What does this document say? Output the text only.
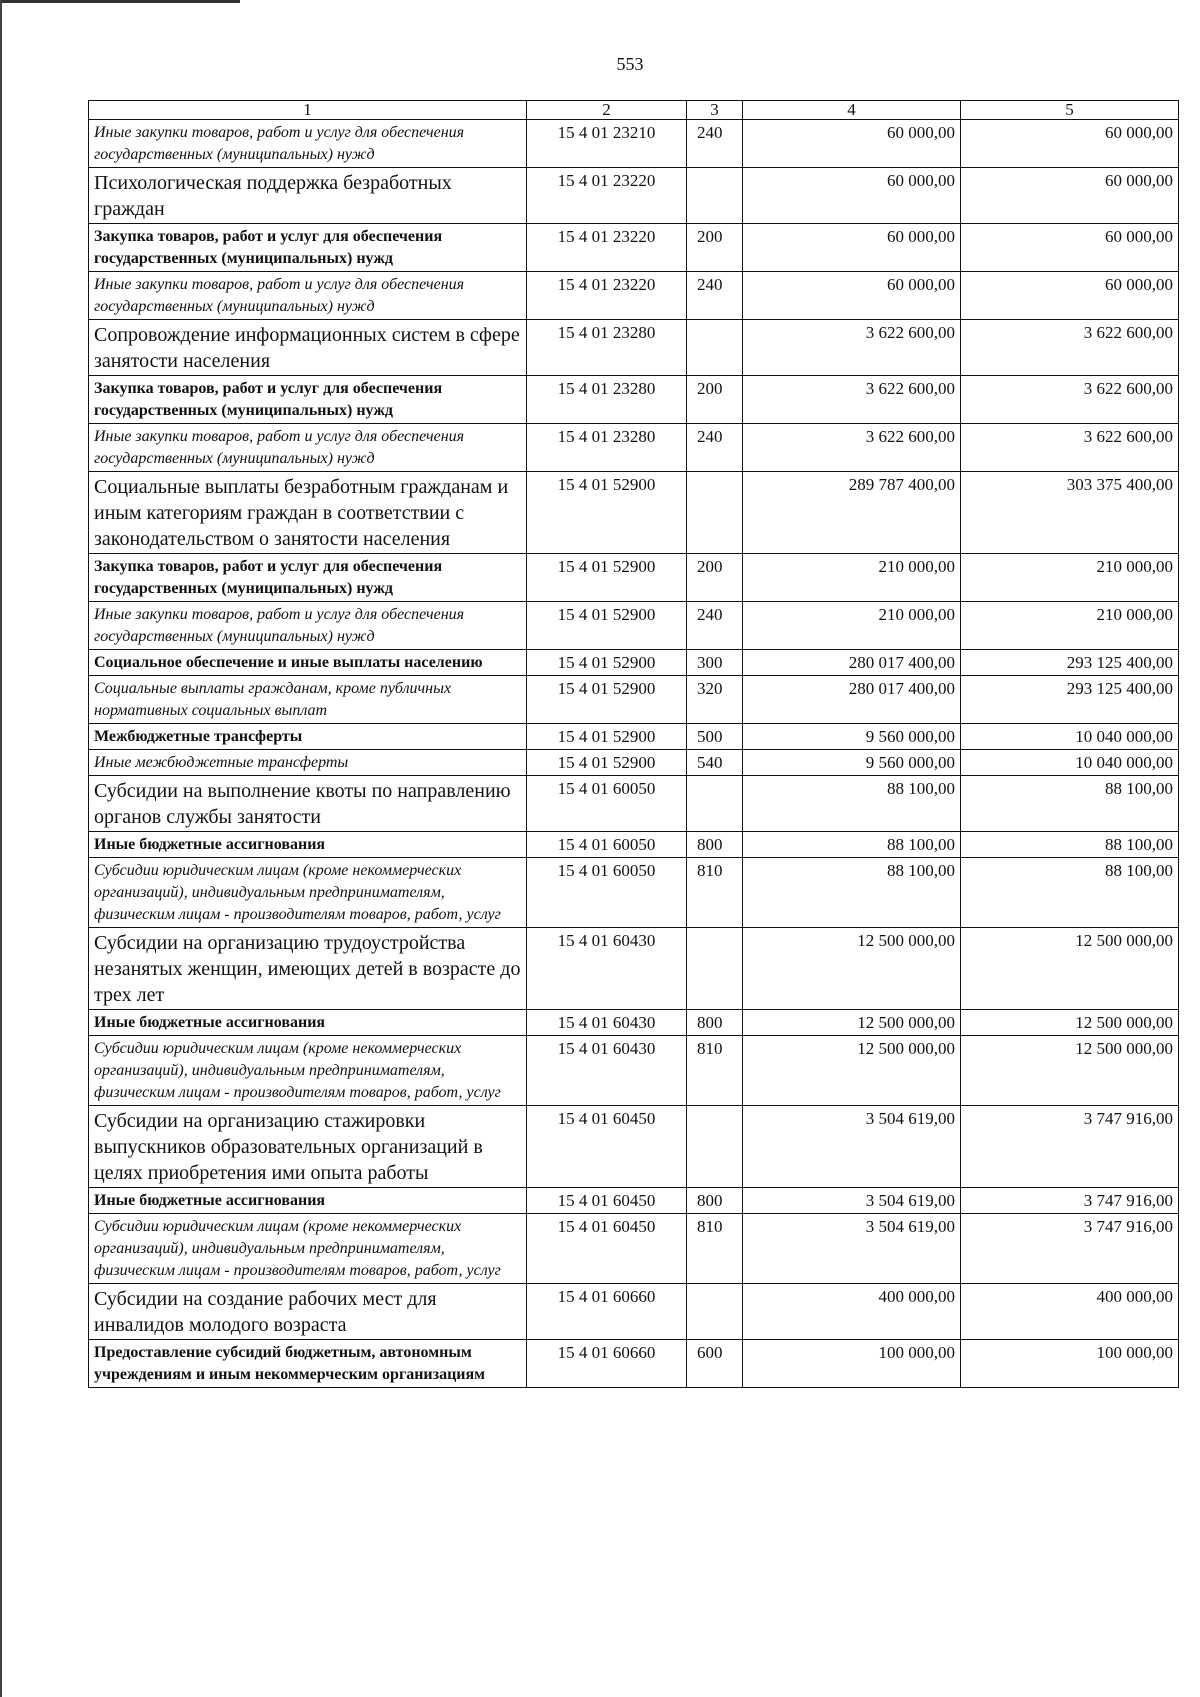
553
1	2	3	4	5
Иные закупки товаров, работ и услуг для обеспечения государственных (муниципальных) нужд	15 4 01 23210	240	60 000,00	60 000,00
Психологическая поддержка безработных граждан	15 4 01 23220		60 000,00	60 000,00
Закупка товаров, работ и услуг для обеспечения государственных (муниципальных) нужд	15 4 01 23220	200	60 000,00	60 000,00
Иные закупки товаров, работ и услуг для обеспечения государственных (муниципальных) нужд	15 4 01 23220	240	60 000,00	60 000,00
Сопровождение информационных систем в сфере занятости населения	15 4 01 23280		3 622 600,00	3 622 600,00
Закупка товаров, работ и услуг для обеспечения государственных (муниципальных) нужд	15 4 01 23280	200	3 622 600,00	3 622 600,00
Иные закупки товаров, работ и услуг для обеспечения государственных (муниципальных) нужд	15 4 01 23280	240	3 622 600,00	3 622 600,00
Социальные выплаты безработным гражданам и иным категориям граждан в соответствии с законодательством о занятости населения	15 4 01 52900		289 787 400,00	303 375 400,00
Закупка товаров, работ и услуг для обеспечения государственных (муниципальных) нужд	15 4 01 52900	200	210 000,00	210 000,00
Иные закупки товаров, работ и услуг для обеспечения государственных (муниципальных) нужд	15 4 01 52900	240	210 000,00	210 000,00
Социальное обеспечение и иные выплаты населению	15 4 01 52900	300	280 017 400,00	293 125 400,00
Социальные выплаты гражданам, кроме публичных нормативных социальных выплат	15 4 01 52900	320	280 017 400,00	293 125 400,00
Межбюджетные трансферты	15 4 01 52900	500	9 560 000,00	10 040 000,00
Иные межбюджетные трансферты	15 4 01 52900	540	9 560 000,00	10 040 000,00
Субсидии на выполнение квоты по направлению органов службы занятости	15 4 01 60050		88 100,00	88 100,00
Иные бюджетные ассигнования	15 4 01 60050	800	88 100,00	88 100,00
Субсидии юридическим лицам (кроме некоммерческих организаций), индивидуальным предпринимателям, физическим лицам - производителям товаров, работ, услуг	15 4 01 60050	810	88 100,00	88 100,00
Субсидии на организацию трудоустройства незанятых женщин, имеющих детей в возрасте до трех лет	15 4 01 60430		12 500 000,00	12 500 000,00
Иные бюджетные ассигнования	15 4 01 60430	800	12 500 000,00	12 500 000,00
Субсидии юридическим лицам (кроме некоммерческих организаций), индивидуальным предпринимателям, физическим лицам - производителям товаров, работ, услуг	15 4 01 60430	810	12 500 000,00	12 500 000,00
Субсидии на организацию стажировки выпускников образовательных организаций в целях приобретения ими опыта работы	15 4 01 60450		3 504 619,00	3 747 916,00
Иные бюджетные ассигнования	15 4 01 60450	800	3 504 619,00	3 747 916,00
Субсидии юридическим лицам (кроме некоммерческих организаций), индивидуальным предпринимателям, физическим лицам - производителям товаров, работ, услуг	15 4 01 60450	810	3 504 619,00	3 747 916,00
Субсидии на создание рабочих мест для инвалидов молодого возраста	15 4 01 60660		400 000,00	400 000,00
Предоставление субсидий бюджетным, автономным учреждениям и иным некоммерческим организациям	15 4 01 60660	600	100 000,00	100 000,00
